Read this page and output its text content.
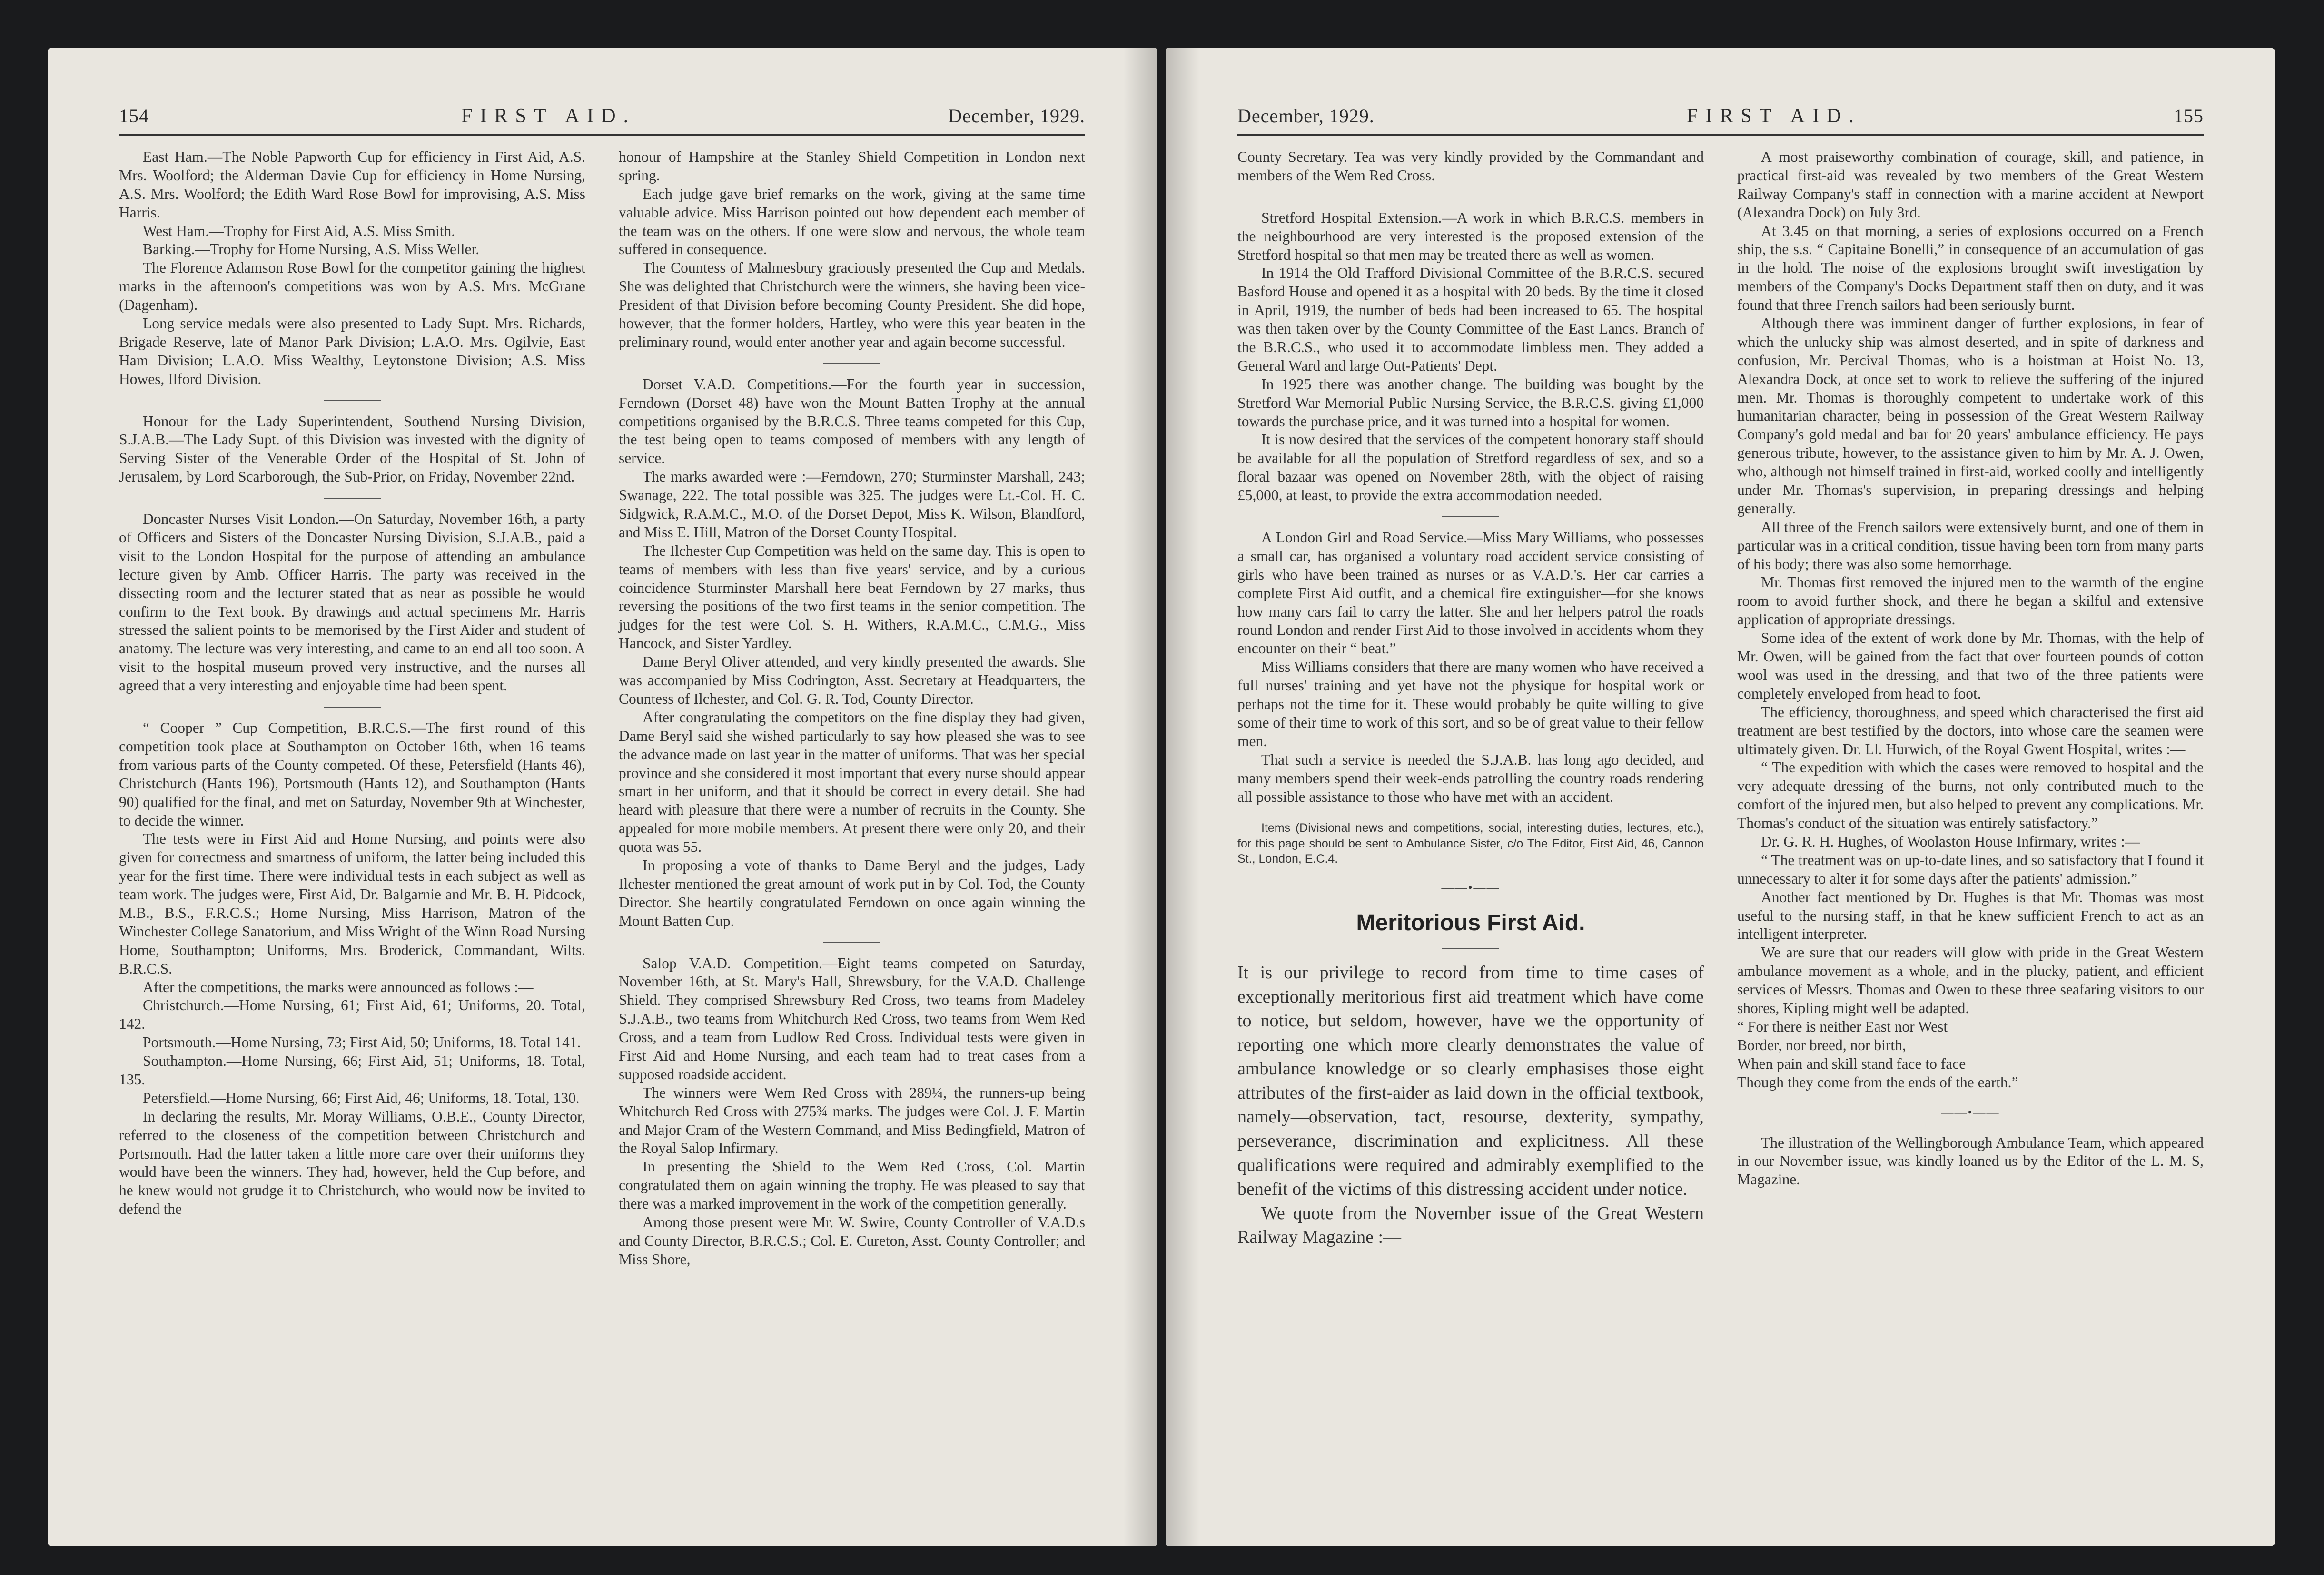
154	FIRST AID.	December, 1929.

East Ham.—The Noble Papworth Cup for efficiency in First Aid, A.S. Mrs. Woolford; the Alderman Davie Cup for efficiency in Home Nursing, A.S. Mrs. Woolford; the Edith Ward Rose Bowl for improvising, A.S. Miss Harris.

West Ham.—Trophy for First Aid, A.S. Miss Smith.

Barking.—Trophy for Home Nursing, A.S. Miss Weller.

The Florence Adamson Rose Bowl for the competitor gaining the highest marks in the afternoon's competitions was won by A.S. Mrs. McGrane (Dagenham).

Long service medals were also presented to Lady Supt. Mrs. Richards, Brigade Reserve, late of Manor Park Division; L.A.O. Mrs. Ogilvie, East Ham Division; L.A.O. Miss Wealthy, Leytonstone Division; A.S. Miss Howes, Ilford Division.

Honour for the Lady Superintendent, Southend Nursing Division, S.J.A.B.—The Lady Supt. of this Division was invested with the dignity of Serving Sister of the Venerable Order of the Hospital of St. John of Jerusalem, by Lord Scarborough, the Sub-Prior, on Friday, November 22nd.

Doncaster Nurses Visit London.—On Saturday, November 16th, a party of Officers and Sisters of the Doncaster Nursing Division, S.J.A.B., paid a visit to the London Hospital for the purpose of attending an ambulance lecture given by Amb. Officer Harris. The party was received in the dissecting room and the lecturer stated that as near as possible he would confirm to the Text book. By drawings and actual specimens Mr. Harris stressed the salient points to be memorised by the First Aider and student of anatomy. The lecture was very interesting, and came to an end all too soon. A visit to the hospital museum proved very instructive, and the nurses all agreed that a very interesting and enjoyable time had been spent.

“ Cooper ” Cup Competition, B.R.C.S.—The first round of this competition took place at Southampton on October 16th, when 16 teams from various parts of the County competed. Of these, Petersfield (Hants 46), Christchurch (Hants 196), Portsmouth (Hants 12), and Southampton (Hants 90) qualified for the final, and met on Saturday, November 9th at Winchester, to decide the winner.

The tests were in First Aid and Home Nursing, and points were also given for correctness and smartness of uniform, the latter being included this year for the first time. There were individual tests in each subject as well as team work. The judges were, First Aid, Dr. Balgarnie and Mr. B. H. Pidcock, M.B., B.S., F.R.C.S.; Home Nursing, Miss Harrison, Matron of the Winchester College Sanatorium, and Miss Wright of the Winn Road Nursing Home, Southampton; Uniforms, Mrs. Broderick, Commandant, Wilts. B.R.C.S.

After the competitions, the marks were announced as follows :—

Christchurch.—Home Nursing, 61; First Aid, 61; Uniforms, 20. Total, 142.

Portsmouth.—Home Nursing, 73; First Aid, 50; Uniforms, 18. Total 141.

Southampton.—Home Nursing, 66; First Aid, 51; Uniforms, 18. Total, 135.

Petersfield.—Home Nursing, 66; First Aid, 46; Uniforms, 18. Total, 130.

In declaring the results, Mr. Moray Williams, O.B.E., County Director, referred to the closeness of the competition between Christchurch and Portsmouth. Had the latter taken a little more care over their uniforms they would have been the winners. They had, however, held the Cup before, and he knew would not grudge it to Christchurch, who would now be invited to defend the

honour of Hampshire at the Stanley Shield Competition in London next spring.

Each judge gave brief remarks on the work, giving at the same time valuable advice. Miss Harrison pointed out how dependent each member of the team was on the others. If one were slow and nervous, the whole team suffered in consequence.

The Countess of Malmesbury graciously presented the Cup and Medals. She was delighted that Christchurch were the winners, she having been vice-President of that Division before becoming County President. She did hope, however, that the former holders, Hartley, who were this year beaten in the preliminary round, would enter another year and again become successful.

Dorset V.A.D. Competitions.—For the fourth year in succession, Ferndown (Dorset 48) have won the Mount Batten Trophy at the annual competitions organised by the B.R.C.S. Three teams competed for this Cup, the test being open to teams composed of members with any length of service.

The marks awarded were :—Ferndown, 270; Sturminster Marshall, 243; Swanage, 222. The total possible was 325. The judges were Lt.-Col. H. C. Sidgwick, R.A.M.C., M.O. of the Dorset Depot, Miss K. Wilson, Blandford, and Miss E. Hill, Matron of the Dorset County Hospital.

The Ilchester Cup Competition was held on the same day. This is open to teams of members with less than five years' service, and by a curious coincidence Sturminster Marshall here beat Ferndown by 27 marks, thus reversing the positions of the two first teams in the senior competition. The judges for the test were Col. S. H. Withers, R.A.M.C., C.M.G., Miss Hancock, and Sister Yardley.

Dame Beryl Oliver attended, and very kindly presented the awards. She was accompanied by Miss Codrington, Asst. Secretary at Headquarters, the Countess of Ilchester, and Col. G. R. Tod, County Director.

After congratulating the competitors on the fine display they had given, Dame Beryl said she wished particularly to say how pleased she was to see the advance made on last year in the matter of uniforms. That was her special province and she considered it most important that every nurse should appear smart in her uniform, and that it should be correct in every detail. She had heard with pleasure that there were a number of recruits in the County. She appealed for more mobile members. At present there were only 20, and their quota was 55.

In proposing a vote of thanks to Dame Beryl and the judges, Lady Ilchester mentioned the great amount of work put in by Col. Tod, the County Director. She heartily congratulated Ferndown on once again winning the Mount Batten Cup.

Salop V.A.D. Competition.—Eight teams competed on Saturday, November 16th, at St. Mary's Hall, Shrewsbury, for the V.A.D. Challenge Shield. They comprised Shrewsbury Red Cross, two teams from Madeley S.J.A.B., two teams from Whitchurch Red Cross, two teams from Wem Red Cross, and a team from Ludlow Red Cross. Individual tests were given in First Aid and Home Nursing, and each team had to treat cases from a supposed roadside accident.

The winners were Wem Red Cross with 289¼, the runners-up being Whitchurch Red Cross with 275¾ marks. The judges were Col. J. F. Martin and Major Cram of the Western Command, and Miss Bedingfield, Matron of the Royal Salop Infirmary.

In presenting the Shield to the Wem Red Cross, Col. Martin congratulated them on again winning the trophy. He was pleased to say that there was a marked improvement in the work of the competition generally.

Among those present were Mr. W. Swire, County Controller of V.A.D.s and County Director, B.R.C.S.; Col. E. Cureton, Asst. County Controller; and Miss Shore,

December, 1929.	FIRST AID.	155

County Secretary. Tea was very kindly provided by the Commandant and members of the Wem Red Cross.

Stretford Hospital Extension.—A work in which B.R.C.S. members in the neighbourhood are very interested is the proposed extension of the Stretford hospital so that men may be treated there as well as women.

In 1914 the Old Trafford Divisional Committee of the B.R.C.S. secured Basford House and opened it as a hospital with 20 beds. By the time it closed in April, 1919, the number of beds had been increased to 65. The hospital was then taken over by the County Committee of the East Lancs. Branch of the B.R.C.S., who used it to accommodate limbless men. They added a General Ward and large Out-Patients' Dept.

In 1925 there was another change. The building was bought by the Stretford War Memorial Public Nursing Service, the B.R.C.S. giving £1,000 towards the purchase price, and it was turned into a hospital for women.

It is now desired that the services of the competent honorary staff should be available for all the population of Stretford regardless of sex, and so a floral bazaar was opened on November 28th, with the object of raising £5,000, at least, to provide the extra accommodation needed.

A London Girl and Road Service.—Miss Mary Williams, who possesses a small car, has organised a voluntary road accident service consisting of girls who have been trained as nurses or as V.A.D.'s. Her car carries a complete First Aid outfit, and a chemical fire extinguisher—for she knows how many cars fail to carry the latter. She and her helpers patrol the roads round London and render First Aid to those involved in accidents whom they encounter on their “ beat.”

Miss Williams considers that there are many women who have received a full nurses' training and yet have not the physique for hospital work or perhaps not the time for it. These would probably be quite willing to give some of their time to work of this sort, and so be of great value to their fellow men.

That such a service is needed the S.J.A.B. has long ago decided, and many members spend their week-ends patrolling the country roads rendering all possible assistance to those who have met with an accident.

Items (Divisional news and competitions, social, interesting duties, lectures, etc.), for this page should be sent to Ambulance Sister, c/o The Editor, First Aid, 46, Cannon St., London, E.C.4.

——•——
Meritorious First Aid.

It is our privilege to record from time to time cases of exceptionally meritorious first aid treatment which have come to notice, but seldom, however, have we the opportunity of reporting one which more clearly demonstrates the value of ambulance knowledge or so clearly emphasises those eight attributes of the first-aider as laid down in the official textbook, namely—observation, tact, resourse, dexterity, sympathy, perseverance, discrimination and explicitness. All these qualifications were required and admirably exemplified to the benefit of the victims of this distressing accident under notice.

We quote from the November issue of the Great Western Railway Magazine :—

A most praiseworthy combination of courage, skill, and patience, in practical first-aid was revealed by two members of the Great Western Railway Company's staff in connection with a marine accident at Newport (Alexandra Dock) on July 3rd.

At 3.45 on that morning, a series of explosions occurred on a French ship, the s.s. “ Capitaine Bonelli,” in consequence of an accumulation of gas in the hold. The noise of the explosions brought swift investigation by members of the Company's Docks Department staff then on duty, and it was found that three French sailors had been seriously burnt.

Although there was imminent danger of further explosions, in fear of which the unlucky ship was almost deserted, and in spite of darkness and confusion, Mr. Percival Thomas, who is a hoistman at Hoist No. 13, Alexandra Dock, at once set to work to relieve the suffering of the injured men. Mr. Thomas is thoroughly competent to undertake work of this humanitarian character, being in possession of the Great Western Railway Company's gold medal and bar for 20 years' ambulance efficiency. He pays generous tribute, however, to the assistance given to him by Mr. A. J. Owen, who, although not himself trained in first-aid, worked coolly and intelligently under Mr. Thomas's supervision, in preparing dressings and helping generally.

All three of the French sailors were extensively burnt, and one of them in particular was in a critical condition, tissue having been torn from many parts of his body; there was also some hemorrhage.

Mr. Thomas first removed the injured men to the warmth of the engine room to avoid further shock, and there he began a skilful and extensive application of appropriate dressings.

Some idea of the extent of work done by Mr. Thomas, with the help of Mr. Owen, will be gained from the fact that over fourteen pounds of cotton wool was used in the dressing, and that two of the three patients were completely enveloped from head to foot.

The efficiency, thoroughness, and speed which characterised the first aid treatment are best testified by the doctors, into whose care the seamen were ultimately given. Dr. Ll. Hurwich, of the Royal Gwent Hospital, writes :—

“ The expedition with which the cases were removed to hospital and the very adequate dressing of the burns, not only contributed much to the comfort of the injured men, but also helped to prevent any complications. Mr. Thomas's conduct of the situation was entirely satisfactory.”

Dr. G. R. H. Hughes, of Woolaston House Infirmary, writes :—

“ The treatment was on up-to-date lines, and so satisfactory that I found it unnecessary to alter it for some days after the patients' admission.”

Another fact mentioned by Dr. Hughes is that Mr. Thomas was most useful to the nursing staff, in that he knew sufficient French to act as an intelligent interpreter.

We are sure that our readers will glow with pride in the Great Western ambulance movement as a whole, and in the plucky, patient, and efficient services of Messrs. Thomas and Owen to these three seafaring visitors to our shores, Kipling might well be adapted.

“ For there is neither East nor West

Border, nor breed, nor birth,

When pain and skill stand face to face

Though they come from the ends of the earth.”

——•——

The illustration of the Wellingborough Ambulance Team, which appeared in our November issue, was kindly loaned us by the Editor of the L. M. S, Magazine.
